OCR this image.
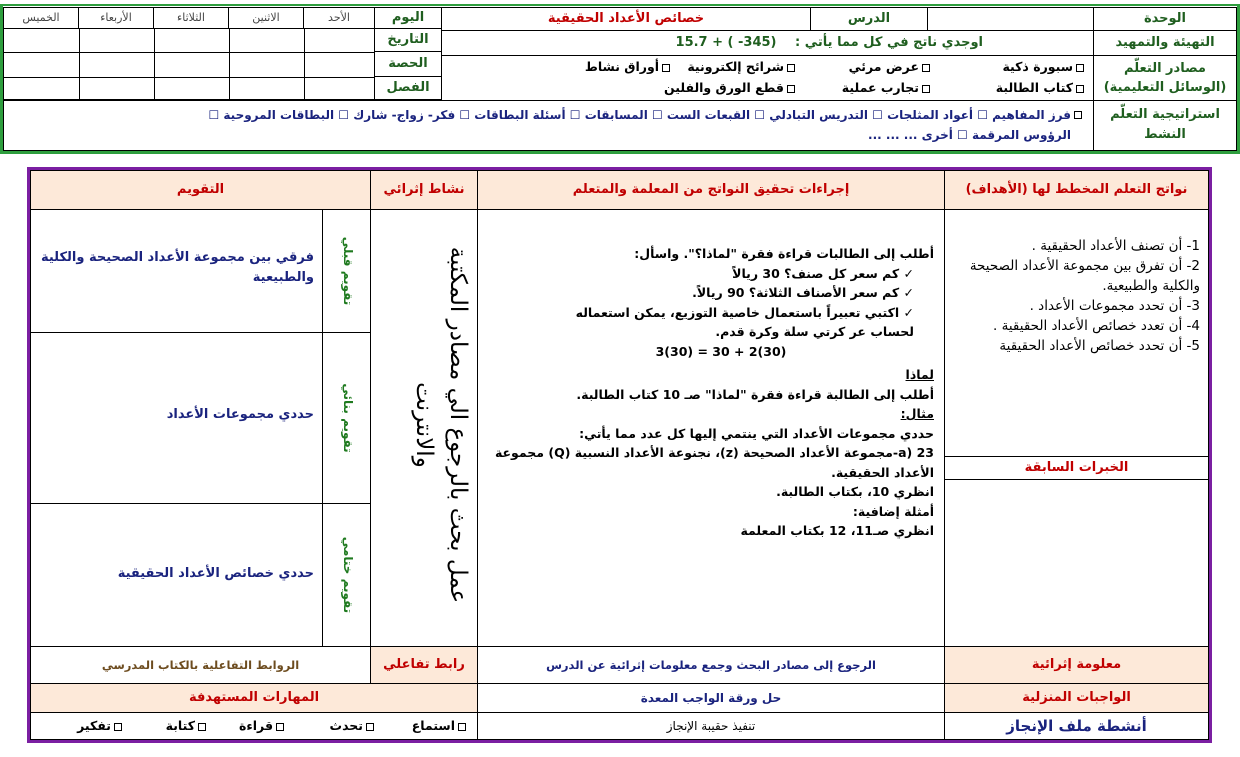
اليوم
الأحد
الاثنين
الثلاثاء
الأربعاء
الخميس
التاريخ
الحصة
الفصل
الوحدة
الدرس
خصائص الأعداد الحقيقية
التهيئة والتمهيد
اوجدي ناتج في كل مما يأتي : 15.7 + ( -345)
مصادر التعلّم
(الوسائل التعليمية)
سبورة ذكية
عرض مرئي
شرائح إلكترونية
أوراق نشاط
كتاب الطالبة
تجارب عملية
قطع الورق والفلين
استراتيجية التعلّم
النشط
فرز المفاهيم ☐ أعواد المثلجات ☐ التدريس التبادلي ☐ القبعات الست ☐ المسابقات ☐ أسئلة البطاقات ☐ فكر- زواج- شارك ☐ البطاقات المروحية ☐
الرؤوس المرقمة ☐ أخرى ... ... ...
نواتج التعلم المخطط لها (الأهداف)
إجراءات تحقيق النواتج من المعلمة والمتعلم
نشاط إثرائي
التقويم
1- أن تصنف الأعداد الحقيقية .
2- أن تفرق بين مجموعة الأعداد الصحيحة والكلية والطبيعية.
3- أن تحدد مجموعات الأعداد .
4- أن تعدد خصائص الأعداد الحقيقية .
5- أن تحدد خصائص الأعداد الحقيقية
الخبرات السابقة
أطلب إلى الطالبات قراءة فقرة "لماذا؟". واسأل:
✓ كم سعر كل صنف؟ 30 ريالاً
✓ كم سعر الأصناف الثلاثة؟ 90 ريالاً.
✓ اكتبي تعبيراً باستعمال خاصية التوزيع، يمكن استعماله لحساب عر كرتي سلة وكرة قدم.
3(30) = 30 + 2(30)
لماذا
أطلب إلى الطالبة قراءة فقرة "لماذا" صـ 10 كتاب الطالبة.
مثال:
حددي مجموعات الأعداد التي ينتمي إليها كل عدد مما يأتي:
a) 23-مجموعة الأعداد الصحيحة (z)، نجنوعة الأعداد النسبية (Q) مجموعة الأعداد الحقيقية.
انظري 10، بكتاب الطالبة.
أمثلة إضافية:
انظري صـ11، 12 بكتاب المعلمة
عمل بحث بالرجوع الي مصادر المكتبة والانترنت
تقويم قبلي
فرقي بين مجموعة الأعداد الصحيحة والكلية والطبيعية
تقويم بنائي
حددي مجموعات الأعداد
تقويم ختامي
حددي خصائص الأعداد الحقيقية
معلومة إثرائية
الرجوع إلى مصادر البحث وجمع معلومات إثرائية عن الدرس
رابط تفاعلي
الروابط التفاعلية بالكتاب المدرسي
الواجبات المنزلية
حل ورقة الواجب المعدة
المهارات المستهدفة
أنشطة ملف الإنجاز
تنفيذ حقيبة الإنجاز
استماع
تحدث
قراءة
كتابة
تفكير
